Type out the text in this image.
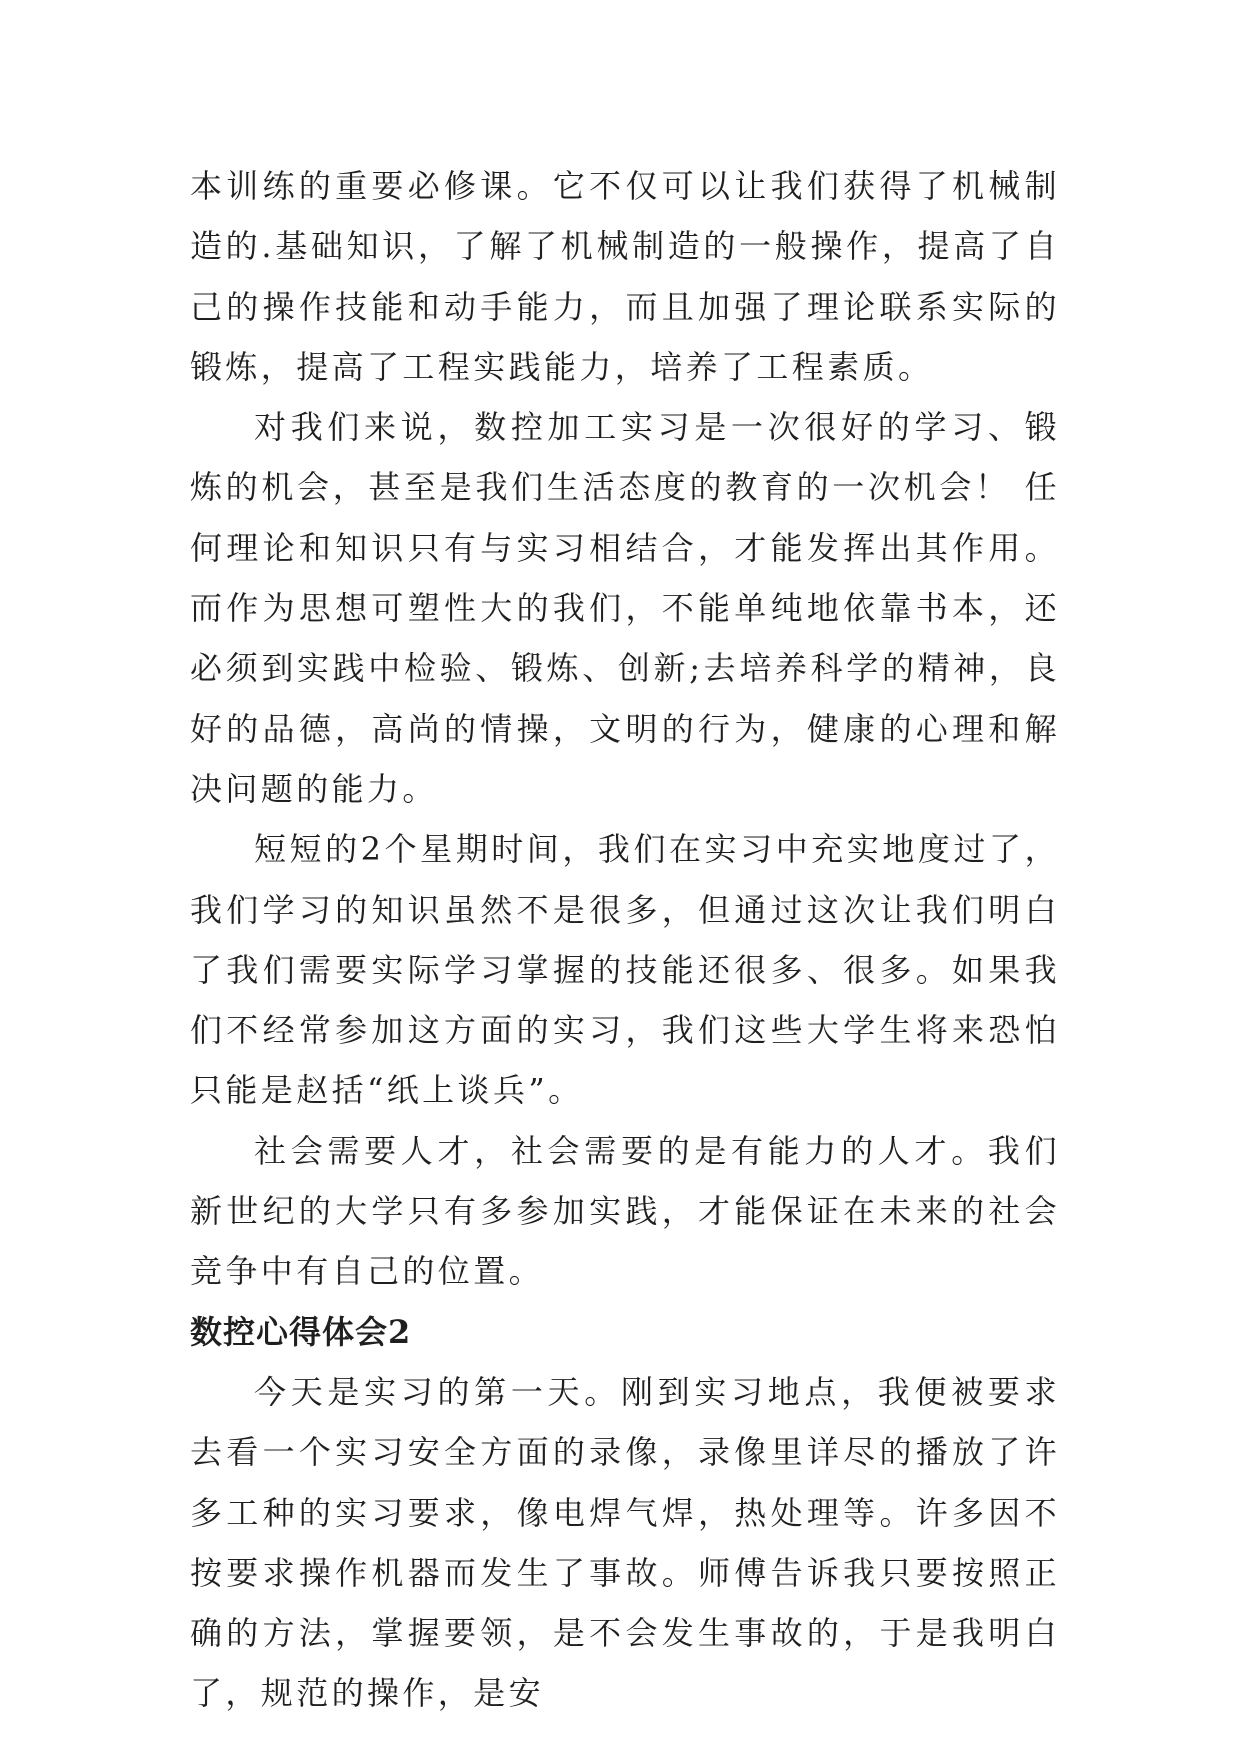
本训练的重要必修课。它不仅可以让我们获得了机械制造的.基础知识，了解了机械制造的一般操作，提高了自己的操作技能和动手能力，而且加强了理论联系实际的锻炼，提高了工程实践能力，培养了工程素质。

对我们来说，数控加工实习是一次很好的学习、锻炼的机会，甚至是我们生活态度的教育的一次机会！ 任何理论和知识只有与实习相结合，才能发挥出其作用。而作为思想可塑性大的我们，不能单纯地依靠书本，还必须到实践中检验、锻炼、创新;去培养科学的精神，良好的品德，高尚的情操，文明的行为，健康的心理和解决问题的能力。

短短的2个星期时间，我们在实习中充实地度过了，我们学习的知识虽然不是很多，但通过这次让我们明白了我们需要实际学习掌握的技能还很多、很多。如果我们不经常参加这方面的实习，我们这些大学生将来恐怕只能是赵括“纸上谈兵”。

社会需要人才，社会需要的是有能力的人才。我们新世纪的大学只有多参加实践，才能保证在未来的社会竞争中有自己的位置。

数控心得体会2

今天是实习的第一天。刚到实习地点，我便被要求去看一个实习安全方面的录像，录像里详尽的播放了许多工种的实习要求，像电焊气焊，热处理等。许多因不按要求操作机器而发生了事故。师傅告诉我只要按照正确的方法，掌握要领，是不会发生事故的，于是我明白了，规范的操作，是安
